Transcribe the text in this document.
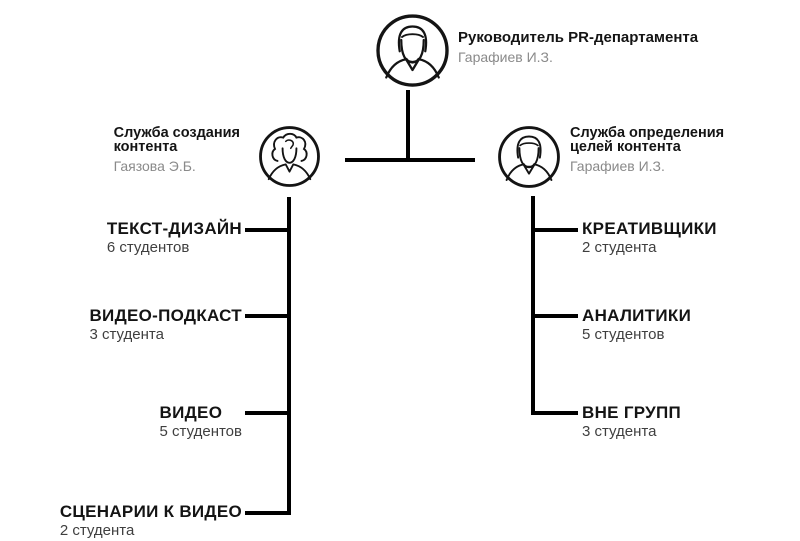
Руководитель PR-департамента
Гарафиев И.З.
Служба создания
контента
Гаязова Э.Б.
Служба определения
целей контента
Гарафиев И.З.
ТЕКСТ-ДИЗАЙН
6 студентов
ВИДЕО-ПОДКАСТ
3 студента
ВИДЕО
5 студентов
СЦЕНАРИИ К ВИДЕО
2 студента
КРЕАТИВЩИКИ
2 студента
АНАЛИТИКИ
5 студентов
ВНЕ ГРУПП
3 студента
